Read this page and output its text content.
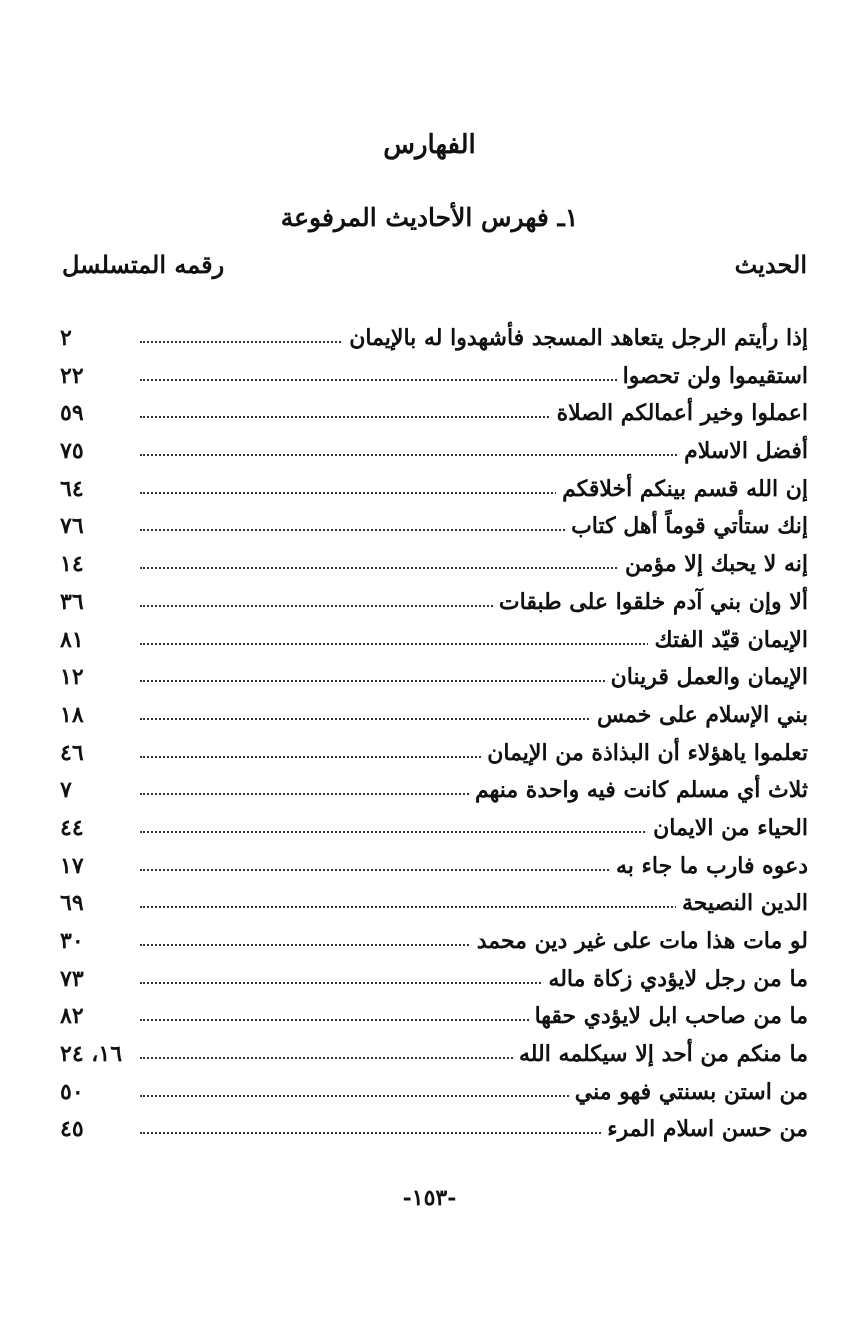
الفهارس
١ـ فهرس الأحاديث المرفوعة
الحديث
رقمه المتسلسل
إذا رأيتم الرجل يتعاهد المسجد فأشهدوا له بالإيمان
٢
استقيموا ولن تحصوا
٢٢
اعملوا وخير أعمالكم الصلاة
٥٩
أفضل الاسلام
٧٥
إن الله قسم بينكم أخلاقكم
٦٤
إنك ستأتي قوماً أهل كتاب
٧٦
إنه لا يحبك إلا مؤمن
١٤
ألا وإن بني آدم خلقوا على طبقات
٣٦
الإيمان قيّد الفتك
٨١
الإيمان والعمل قرينان
١٢
بني الإسلام على خمس
١٨
تعلموا ياهؤلاء أن البذاذة من الإيمان
٤٦
ثلاث أي مسلم كانت فيه واحدة منهم
٧
الحياء من الايمان
٤٤
دعوه فارب ما جاء به
١٧
الدين النصيحة
٦٩
لو مات هذا مات على غير دين محمد
٣٠
ما من رجل لايؤدي زكاة ماله
٧٣
ما من صاحب ابل لايؤدي حقها
٨٢
ما منكم من أحد إلا سيكلمه الله
١٦، ٢٤
من استن بسنتي فهو مني
٥٠
من حسن اسلام المرء
٤٥
-١٥٣-
